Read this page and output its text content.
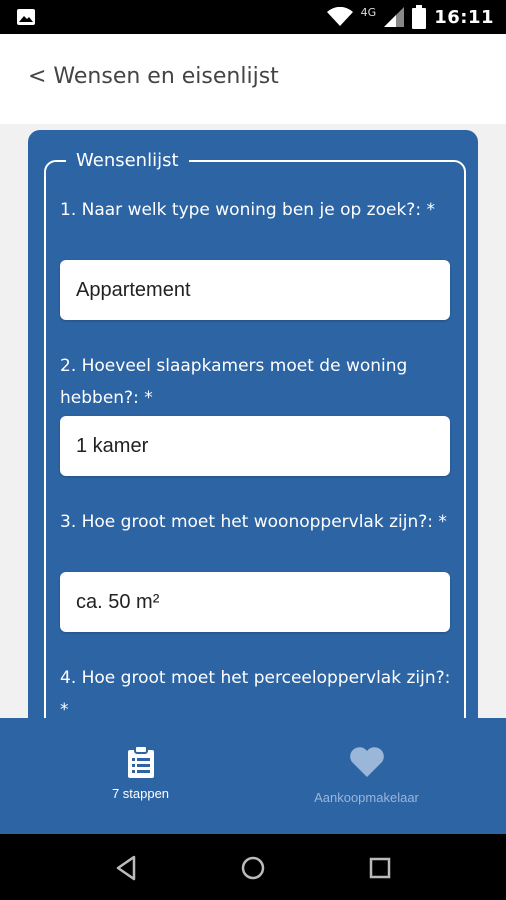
4G	16:11
< Wensen en eisenlijst
Wensenlijst
1. Naar welk type woning ben je op zoek?: *
Appartement
2. Hoeveel slaapkamers moet de woning hebben?: *
1 kamer
3. Hoe groot moet het woonoppervlak zijn?: *
ca. 50 m²
4. Hoe groot moet het perceeloppervlak zijn?: *
7 stappen	Aankoopmakelaar
